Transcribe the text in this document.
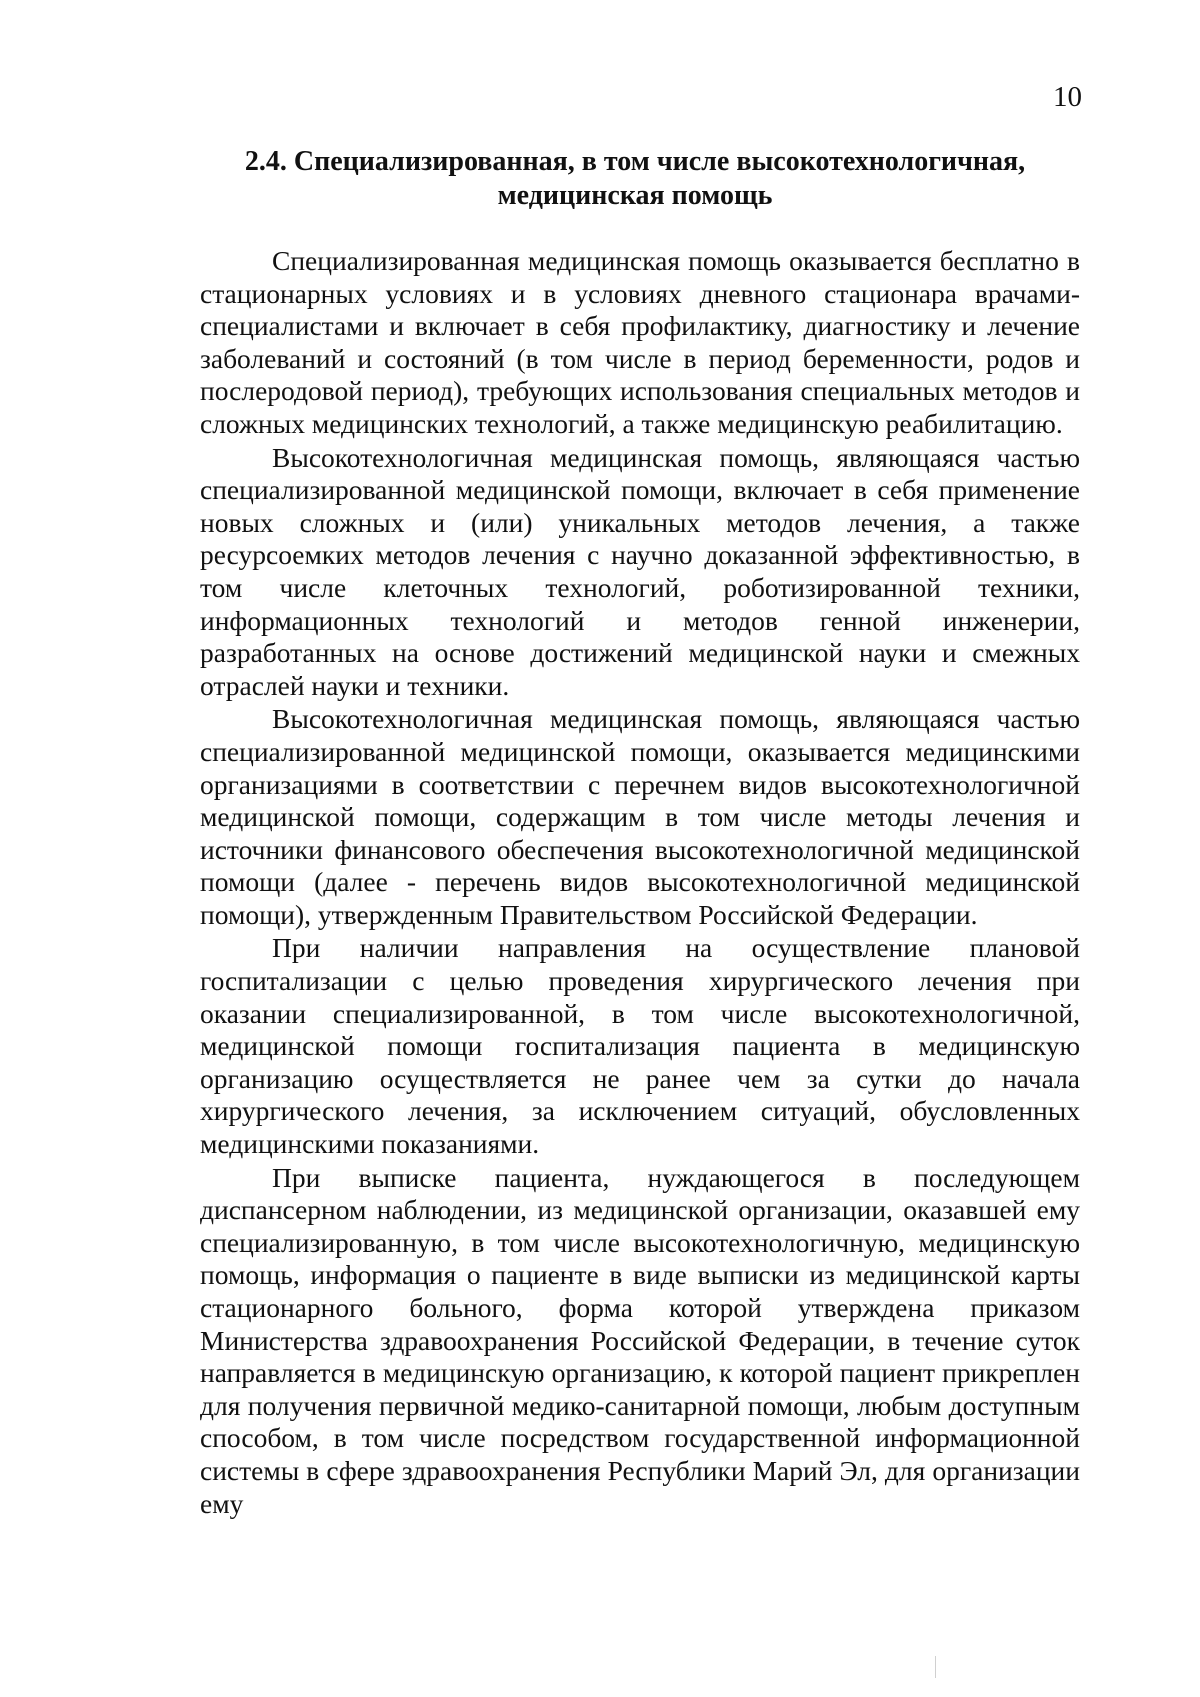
10
2.4. Специализированная, в том числе высокотехнологичная,
медицинская помощь

Специализированная медицинская помощь оказывается бесплатно в стационарных условиях и в условиях дневного стационара врачами-специалистами и включает в себя профилактику, диагностику и лечение заболеваний и состояний (в том числе в период беременности, родов и послеродовой период), требующих использования специальных методов и сложных медицинских технологий, а также медицинскую реабилитацию.

Высокотехнологичная медицинская помощь, являющаяся частью специализированной медицинской помощи, включает в себя применение новых сложных и (или) уникальных методов лечения, а также ресурсоемких методов лечения с научно доказанной эффективностью, в том числе клеточных технологий, роботизированной техники, информационных технологий и методов генной инженерии, разработанных на основе достижений медицинской науки и смежных отраслей науки и техники.

Высокотехнологичная медицинская помощь, являющаяся частью специализированной медицинской помощи, оказывается медицинскими организациями в соответствии с перечнем видов высокотехнологичной медицинской помощи, содержащим в том числе методы лечения и источники финансового обеспечения высокотехнологичной медицинской помощи (далее - перечень видов высокотехнологичной медицинской помощи), утвержденным Правительством Российской Федерации.

При наличии направления на осуществление плановой госпитализации с целью проведения хирургического лечения при оказании специализированной, в том числе высокотехнологичной, медицинской помощи госпитализация пациента в медицинскую организацию осуществляется не ранее чем за сутки до начала хирургического лечения, за исключением ситуаций, обусловленных медицинскими показаниями.

При выписке пациента, нуждающегося в последующем диспансерном наблюдении, из медицинской организации, оказавшей ему специализированную, в том числе высокотехнологичную, медицинскую помощь, информация о пациенте в виде выписки из медицинской карты стационарного больного, форма которой утверждена приказом Министерства здравоохранения Российской Федерации, в течение суток направляется в медицинскую организацию, к которой пациент прикреплен для получения первичной медико-санитарной помощи, любым доступным способом, в том числе посредством государственной информационной системы в сфере здравоохранения Республики Марий Эл, для организации ему
